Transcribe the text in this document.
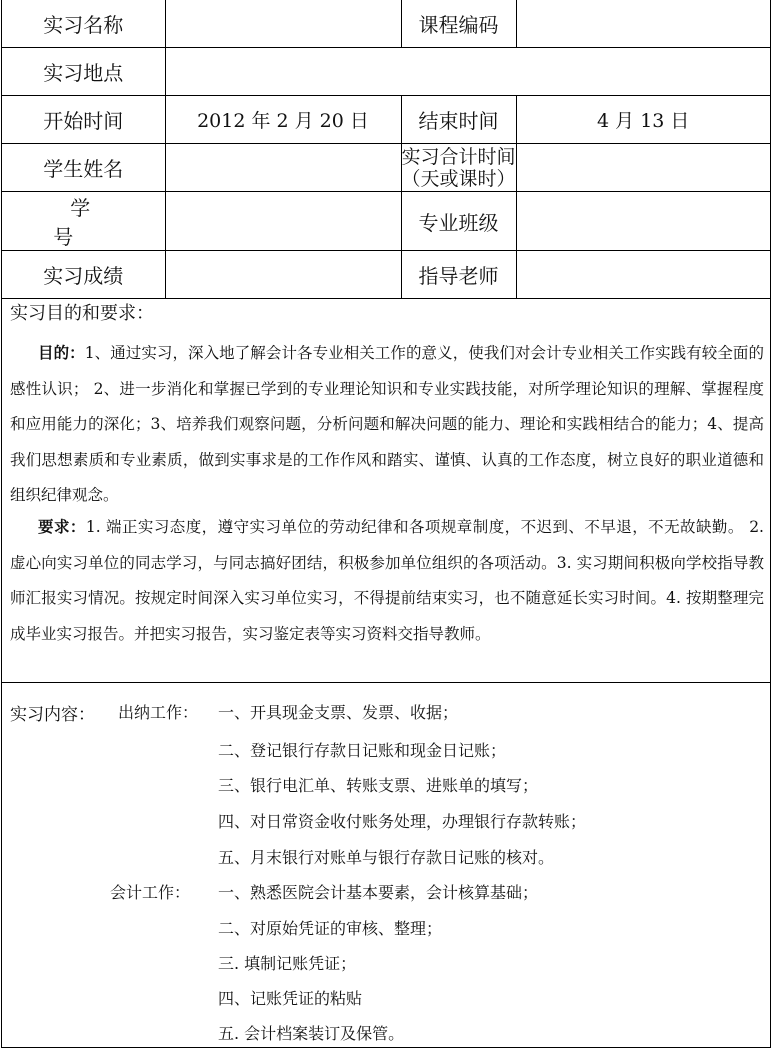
实习名称		课程编码	
实习地点			
开始时间	2012 年 2 月 20 日	结束时间	4 月 13 日
学生姓名		实习合计时间
（天或课时）	

学 号		专业班级	
实习成绩		指导老师	
实习目的和要求：
目的：1、通过实习，深入地了解会计各专业相关工作的意义，使我们对会计专业相关工作实践有较全面的感性认识； 2、进一步消化和掌握已学到的专业理论知识和专业实践技能，对所学理论知识的理解、掌握程度和应用能力的深化；3、培养我们观察问题，分析问题和解决问题的能力、理论和实践相结合的能力；4、提高我们思想素质和专业素质，做到实事求是的工作作风和踏实、谨慎、认真的工作态度，树立良好的职业道德和组织纪律观念。
要求：1. 端正实习态度，遵守实习单位的劳动纪律和各项规章制度，不迟到、不早退，不无故缺勤。 2. 虚心向实习单位的同志学习，与同志搞好团结，积极参加单位组织的各项活动。3. 实习期间积极向学校指导教师汇报实习情况。按规定时间深入实习单位实习，不得提前结束实习，也不随意延长实习时间。4. 按期整理完成毕业实习报告。并把实习报告，实习鉴定表等实习资料交指导教师。
实习内容： 出纳工作： 一、开具现金支票、发票、收据；
二、登记银行存款日记账和现金日记账；
三、银行电汇单、转账支票、进账单的填写；
四、对日常资金收付账务处理，办理银行存款转账；
五、月末银行对账单与银行存款日记账的核对。
会计工作： 一、熟悉医院会计基本要素，会计核算基础；
二、对原始凭证的审核、整理；
三. 填制记账凭证；
四、记账凭证的粘贴
五. 会计档案装订及保管。
